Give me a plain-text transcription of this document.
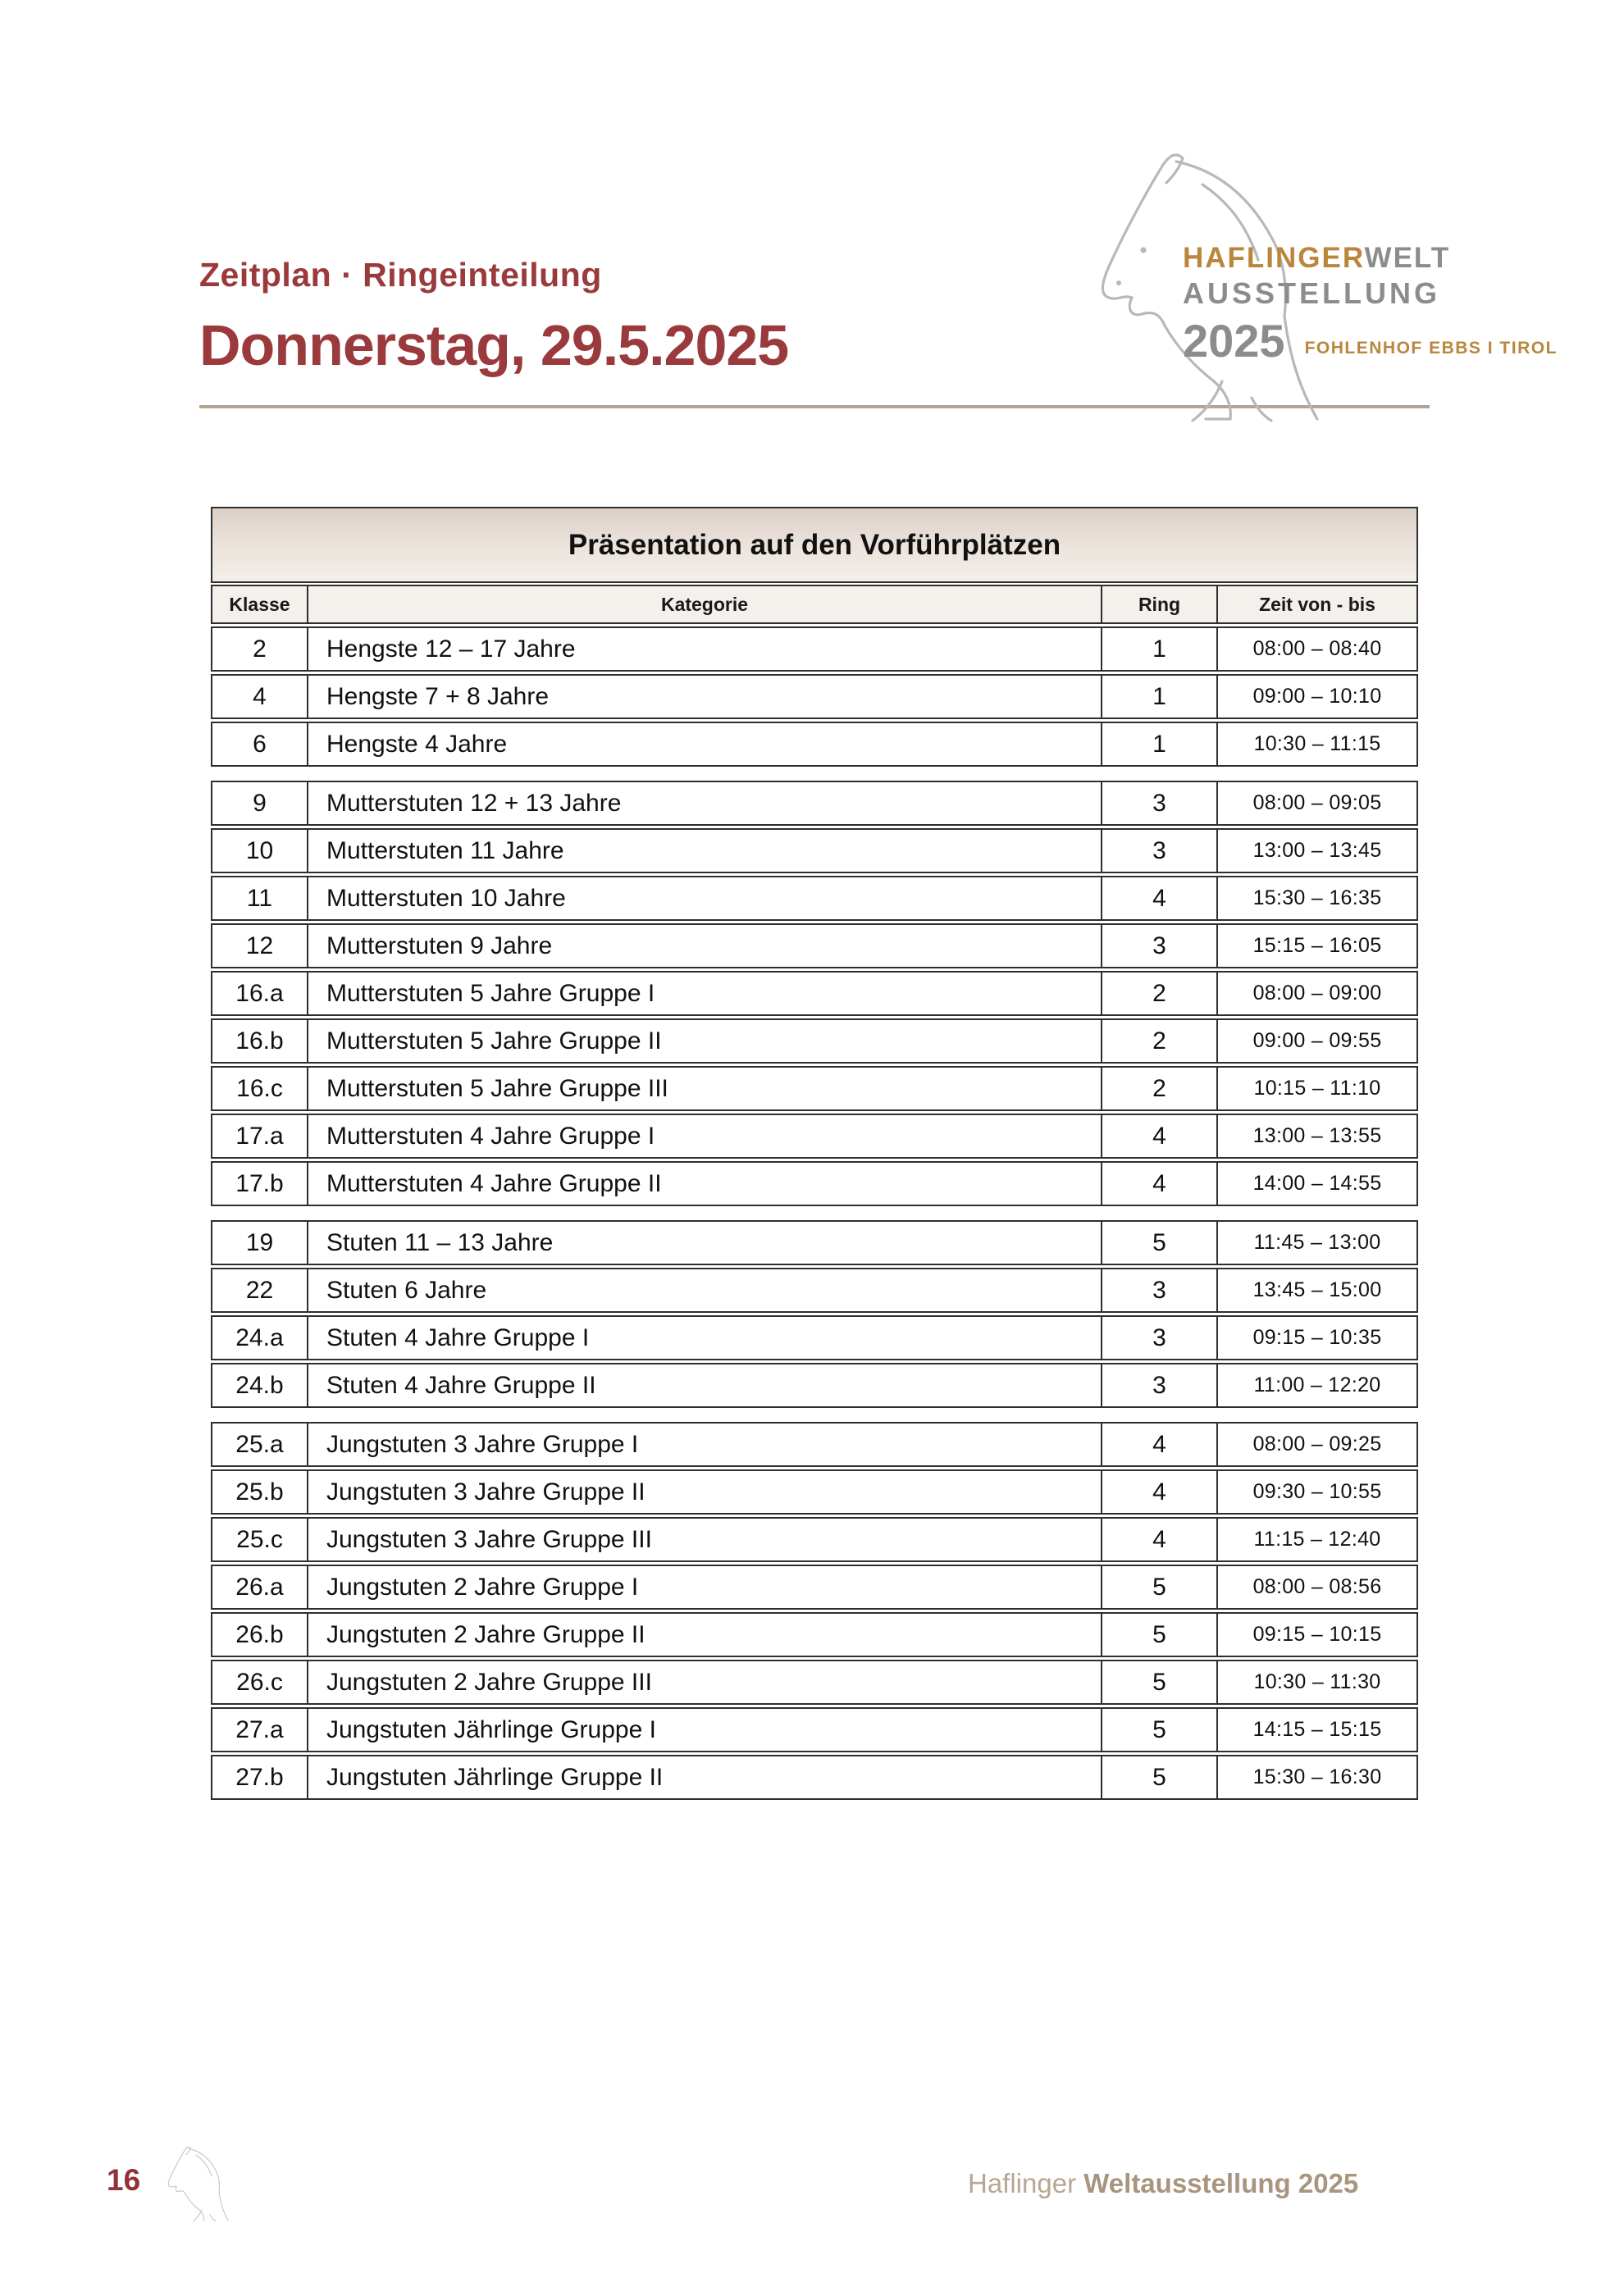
Zeitplan · Ringeinteilung
Donnerstag, 29.5.2025
HAFLINGERWELT
AUSSTELLUNG
2025 FOHLENHOF EBBS I TIROL
Präsentation auf den Vorführplätzen
Klasse	Kategorie	Ring	Zeit von - bis
2	Hengste 12 – 17 Jahre	1	08:00 – 08:40
4	Hengste 7 + 8 Jahre	1	09:00 – 10:10
6	Hengste 4 Jahre	1	10:30 – 11:15
9	Mutterstuten 12 + 13 Jahre	3	08:00 – 09:05
10	Mutterstuten 11 Jahre	3	13:00 – 13:45
11	Mutterstuten 10 Jahre	4	15:30 – 16:35
12	Mutterstuten 9 Jahre	3	15:15 – 16:05
16.a	Mutterstuten 5 Jahre Gruppe I	2	08:00 – 09:00
16.b	Mutterstuten 5 Jahre Gruppe II	2	09:00 – 09:55
16.c	Mutterstuten 5 Jahre Gruppe III	2	10:15 – 11:10
17.a	Mutterstuten 4 Jahre Gruppe I	4	13:00 – 13:55
17.b	Mutterstuten 4 Jahre Gruppe II	4	14:00 – 14:55
19	Stuten 11 – 13 Jahre	5	11:45 – 13:00
22	Stuten 6 Jahre	3	13:45 – 15:00
24.a	Stuten 4 Jahre Gruppe I	3	09:15 – 10:35
24.b	Stuten 4 Jahre Gruppe II	3	11:00 – 12:20
25.a	Jungstuten 3 Jahre Gruppe I	4	08:00 – 09:25
25.b	Jungstuten 3 Jahre Gruppe II	4	09:30 – 10:55
25.c	Jungstuten 3 Jahre Gruppe III	4	11:15 – 12:40
26.a	Jungstuten 2 Jahre Gruppe I	5	08:00 – 08:56
26.b	Jungstuten 2 Jahre Gruppe II	5	09:15 – 10:15
26.c	Jungstuten 2 Jahre Gruppe III	5	10:30 – 11:30
27.a	Jungstuten Jährlinge Gruppe I	5	14:15 – 15:15
27.b	Jungstuten Jährlinge Gruppe II	5	15:30 – 16:30
16	Haflinger Weltausstellung 2025
